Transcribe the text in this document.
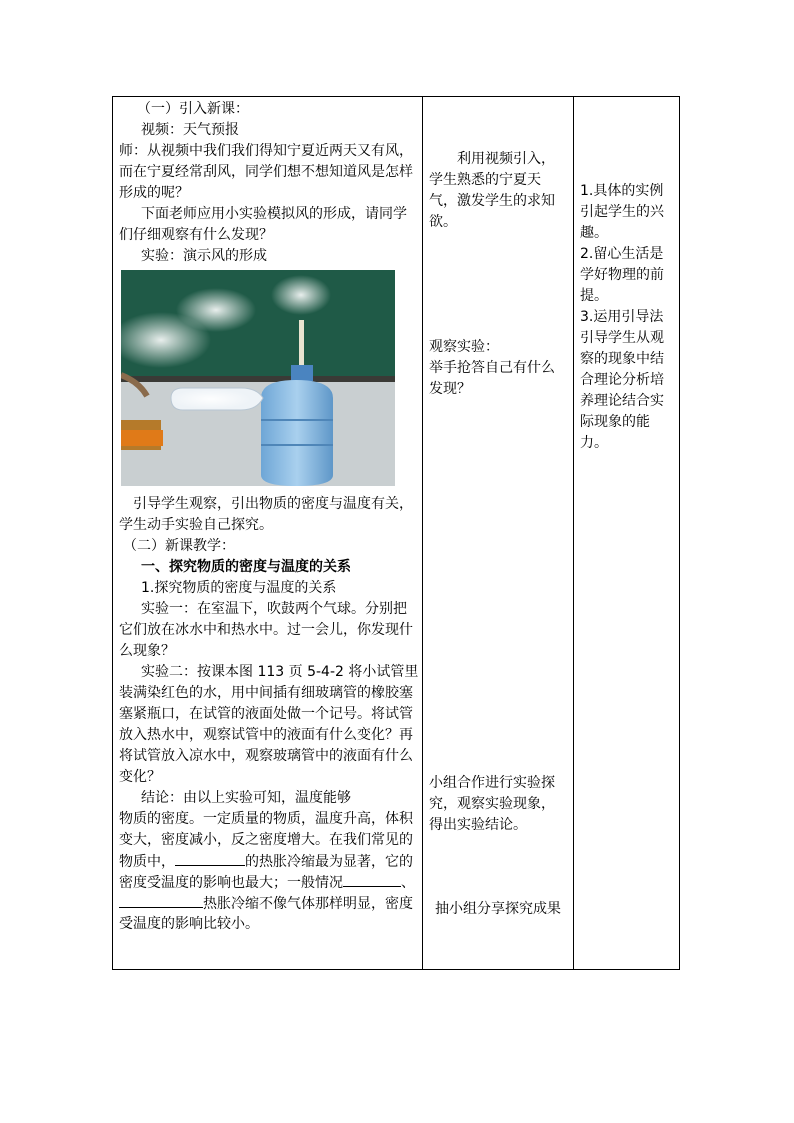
（一）引入新课：
视频：天气预报
师：从视频中我们我们得知宁夏近两天又有风，
而在宁夏经常刮风，同学们想不想知道风是怎样
形成的呢？
下面老师应用小实验模拟风的形成，请同学
们仔细观察有什么发现？
实验：演示风的形成
引导学生观察，引出物质的密度与温度有关，
学生动手实验自己探究。
（二）新课教学：
一、探究物质的密度与温度的关系
1.探究物质的密度与温度的关系
实验一：在室温下，吹鼓两个气球。分别把
它们放在冰水中和热水中。过一会儿，你发现什
么现象？
实验二：按课本图 113 页 5-4-2 将小试管里
装满染红色的水，用中间插有细玻璃管的橡胶塞
塞紧瓶口，在试管的液面处做一个记号。将试管
放入热水中，观察试管中的液面有什么变化？再
将试管放入凉水中，观察玻璃管中的液面有什么
变化？
结论：由以上实验可知，温度能够
物质的密度。一定质量的物质，温度升高，体积
变大，密度减小，反之密度增大。在我们常见的
物质中，	的热胀冷缩最为显著，它的
密度受温度的影响也最大；一般情况	、
热胀冷缩不像气体那样明显，密度
受温度的影响比较小。
利用视频引入，
学生熟悉的宁夏天
气，激发学生的求知
欲。
观察实验：
举手抢答自己有什么
发现？
小组合作进行实验探
究，观察实验现象，
得出实验结论。
抽小组分享探究成果
1.具体的实例
引起学生的兴
趣。
2.留心生活是
学好物理的前
提。
3.运用引导法
引导学生从观
察的现象中结
合理论分析培
养理论结合实
际现象的能
力。
